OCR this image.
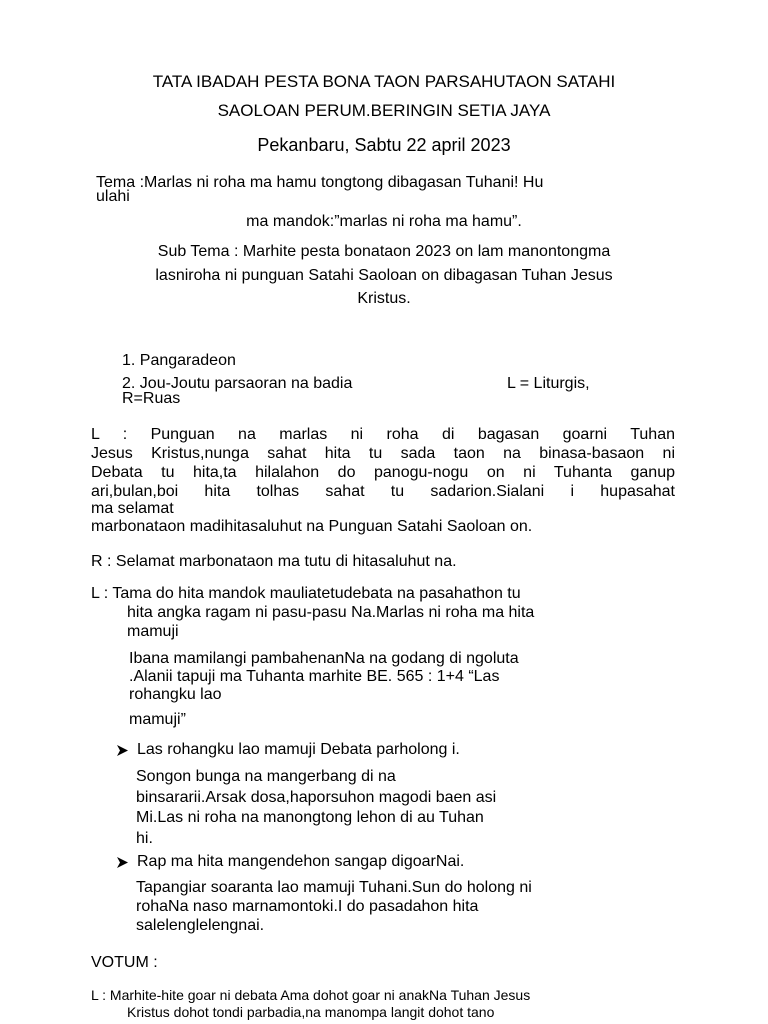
TATA IBADAH PESTA BONA TAON PARSAHUTAON SATAHI
SAOLOAN PERUM.BERINGIN SETIA JAYA
Pekanbaru, Sabtu 22 april 2023
Tema :Marlas ni roha ma hamu tongtong dibagasan Tuhani! Hu
ulahi
ma mandok:”marlas ni roha ma hamu”.
Sub Tema : Marhite pesta bonataon 2023 on lam manontongma
lasniroha ni punguan Satahi Saoloan on dibagasan Tuhan Jesus
Kristus.
1. Pangaradeon
2. Jou-Joutu parsaoran na badia	L = Liturgis,
R=Ruas
L : Punguan na marlas ni roha di bagasan goarni Tuhan
Jesus Kristus,nunga sahat hita tu sada taon na binasa-basaon ni
Debata tu hita,ta hilalahon do panogu-nogu on ni Tuhanta ganup
ari,bulan,boi hita tolhas sahat tu sadarion.Sialani i hupasahat
ma selamat
marbonataon madihitasaluhut na Punguan Satahi Saoloan on.
R : Selamat marbonataon ma tutu di hitasaluhut na.
L : Tama do hita mandok mauliatetudebata na pasahathon tu
hita angka ragam ni pasu-pasu Na.Marlas ni roha ma hita
mamuji
Ibana mamilangi pambahenanNa na godang di ngoluta
.Alanii tapuji ma Tuhanta marhite BE. 565 : 1+4 “Las
rohangku lao
mamuji”
Las rohangku lao mamuji Debata parholong i.
Songon bunga na mangerbang di na
binsararii.Arsak dosa,haporsuhon magodi baen asi
Mi.Las ni roha na manongtong lehon di au Tuhan
hi.
Rap ma hita mangendehon sangap digoarNai.
Tapangiar soaranta lao mamuji Tuhani.Sun do holong ni
rohaNa naso marnamontoki.I do pasadahon hita
salelenglelengnai.
VOTUM :
L : Marhite-hite goar ni debata Ama dohot goar ni anakNa Tuhan Jesus
Kristus dohot tondi parbadia,na manompa langit dohot tano
